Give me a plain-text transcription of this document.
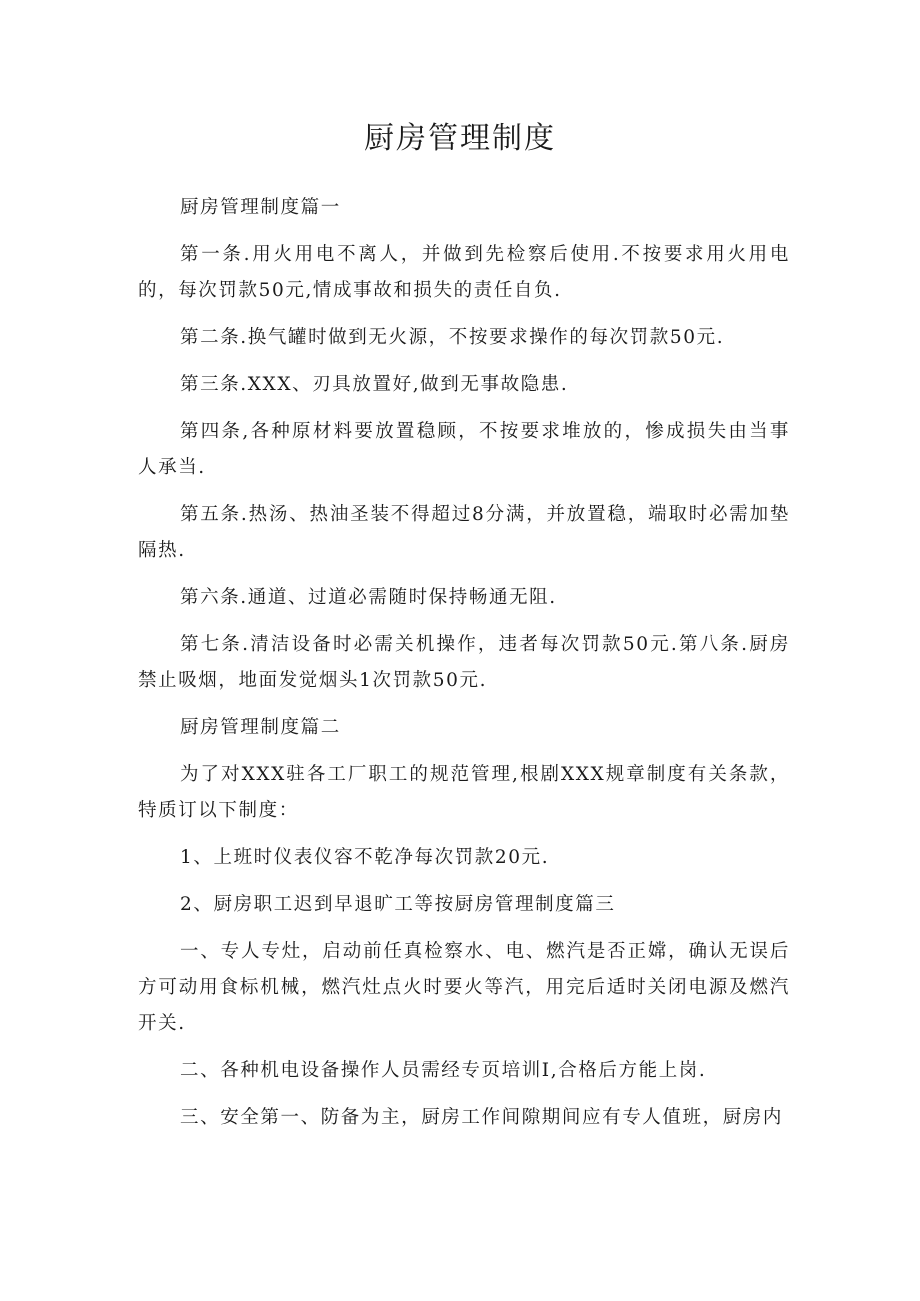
厨房管理制度

厨房管理制度篇一

第一条.用火用电不离人，并做到先检察后使用.不按要求用火用电的，每次罚款50元,情成事故和损失的责任自负.

第二条.换气罐时做到无火源，不按要求操作的每次罚款50元.

第三条.XXX、刃具放置好,做到无事故隐患.

第四条,各种原材料要放置稳顾，不按要求堆放的，惨成损失由当事人承当.

第五条.热汤、热油圣装不得超过8分满，并放置稳，端取时必需加垫隔热.

第六条.通道、过道必需随时保持畅通无阻.

第七条.清洁设备时必需关机操作，违者每次罚款50元.第八条.厨房禁止吸烟，地面发觉烟头1次罚款50元.

厨房管理制度篇二

为了对XXX驻各工厂职工的规范管理,根剧XXX规章制度有关条款，特质订以下制度：

1、上班时仪表仪容不乾净每次罚款20元.

2、厨房职工迟到早退旷工等按厨房管理制度篇三

一、专人专灶，启动前任真检察水、电、燃汽是否正嫦，确认无误后方可动用食标机械，燃汽灶点火时要火等汽，用完后适时关闭电源及燃汽开关.

二、各种机电设备操作人员需经专页培训I,合格后方能上岗.

三、安全第一、防备为主，厨房工作间隙期间应有专人值班，厨房内
